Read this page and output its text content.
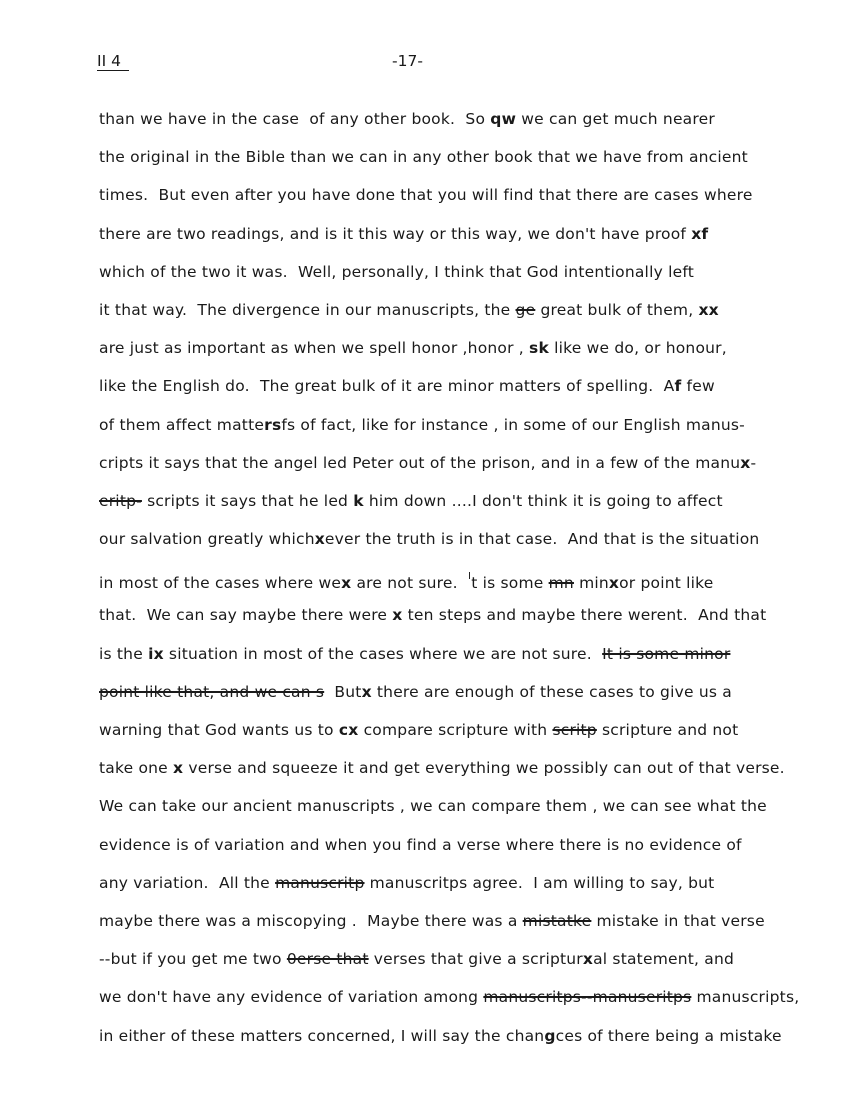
II 4	-17-
than we have in the case  of any other book.  So qw we can get much nearer
the original in the Bible than we can in any other book that we have from ancient
times.  But even after you have done that you will find that there are cases where
there are two readings, and is it this way or this way, we don't have proof xf
which of the two it was.  Well, personally, I think that God intentionally left
it that way.  The divergence in our manuscripts, the ge great bulk of them, xx
are just as important as when we spell honor ,honor , sk like we do, or honour,
like the English do.  The great bulk of it are minor matters of spelling.  Af few
of them affect mattersfs of fact, like for instance , in some of our English manus-
cripts it says that the angel led Peter out of the prison, and in a few of the manux-
eritp- scripts it says that he led k him down ....I don't think it is going to affect
our salvation greatly whichxever the truth is in that case.  And that is the situation
in most of the cases where wex are not sure.  $^I$t is some mn minxor point like
that.  We can say maybe there were x ten steps and maybe there werent.  And that
is the ix situation in most of the cases where we are not sure.  It is some minor
point like that, and we can s  Butx there are enough of these cases to give us a
warning that God wants us to cx compare scripture with scritp scripture and not
take one x verse and squeeze it and get everything we possibly can out of that verse.
We can take our ancient manuscripts , we can compare them , we can see what the
evidence is of variation and when you find a verse where there is no evidence of
any variation.  All the manuscritp manuscritps agree.  I am willing to say, but
maybe there was a miscopying .  Maybe there was a mistatke mistake in that verse
--but if you get me two 0erse that verses that give a scripturxal statement, and
we don't have any evidence of variation among manuscritps--manuseritps manuscripts,
in either of these matters concerned, I will say the changces of there being a mistake
